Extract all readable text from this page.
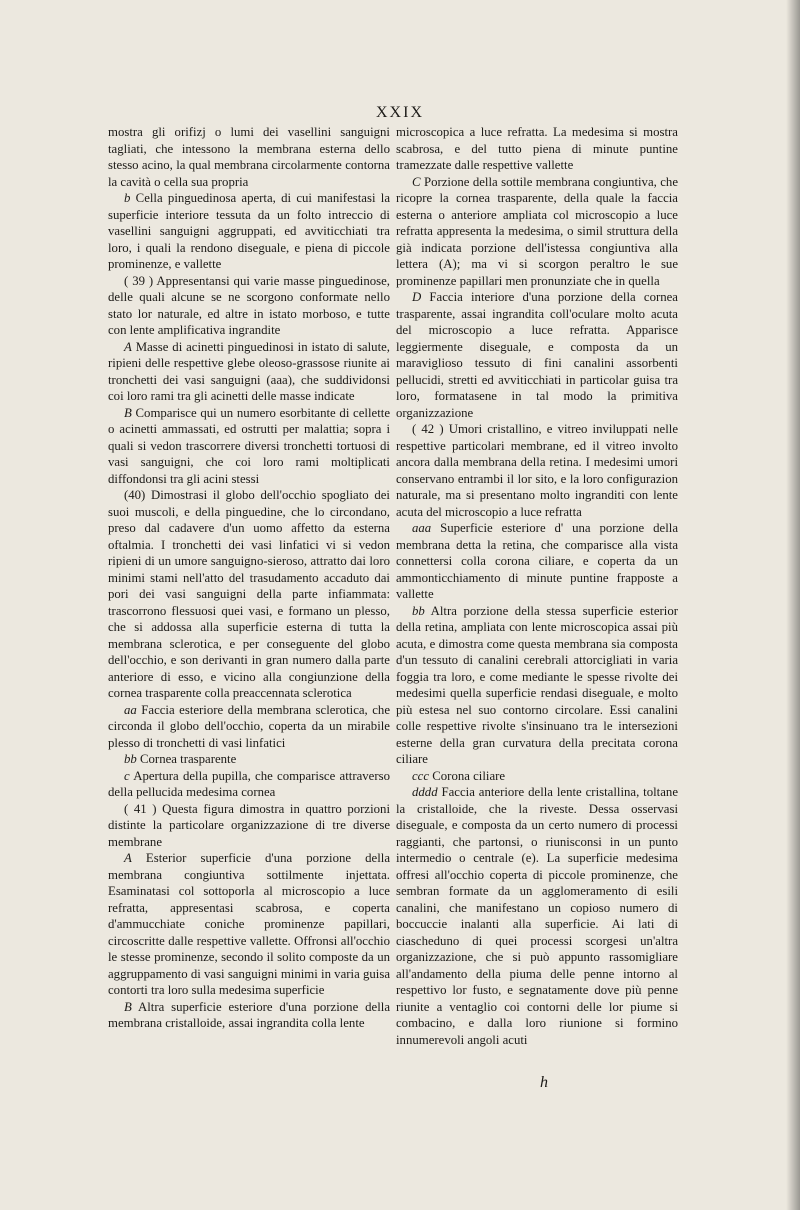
XXIX

mostra gli orifizj o lumi dei vasellini sanguigni tagliati, che intessono la membrana esterna dello stesso acino, la qual membrana circolarmente contorna la cavità o cella sua propria

b Cella pinguedinosa aperta, di cui manifestasi la superficie interiore tessuta da un folto intreccio di vasellini sanguigni aggruppati, ed avviticchiati tra loro, i quali la rendono diseguale, e piena di piccole prominenze, e vallette

( 39 ) Appresentansi qui varie masse pinguedinose, delle quali alcune se ne scorgono conformate nello stato lor naturale, ed altre in istato morboso, e tutte con lente amplificativa ingrandite

A Masse di acinetti pinguedinosi in istato di salute, ripieni delle respettive glebe oleoso-grassose riunite ai tronchetti dei vasi sanguigni (aaa), che suddividonsi coi loro rami tra gli acinetti delle masse indicate

B Comparisce qui un numero esorbitante di cellette o acinetti ammassati, ed ostrutti per malattia; sopra i quali si vedon trascorrere diversi tronchetti tortuosi di vasi sanguigni, che coi loro rami moltiplicati diffondonsi tra gli acini stessi

(40) Dimostrasi il globo dell'occhio spogliato dei suoi muscoli, e della pinguedine, che lo circondano, preso dal cadavere d'un uomo affetto da esterna oftalmia. I tronchetti dei vasi linfatici vi si vedon ripieni di un umore sanguigno-sieroso, attratto dai loro minimi stami nell'atto del trasudamento accaduto dai pori dei vasi sanguigni della parte infiammata: trascorrono flessuosi quei vasi, e formano un plesso, che si addossa alla superficie esterna di tutta la membrana sclerotica, e per conseguente del globo dell'occhio, e son derivanti in gran numero dalla parte anteriore di esso, e vicino alla congiunzione della cornea trasparente colla preaccennata sclerotica

aa Faccia esteriore della membrana sclerotica, che circonda il globo dell'occhio, coperta da un mirabile plesso di tronchetti di vasi linfatici

bb Cornea trasparente

c Apertura della pupilla, che comparisce attraverso della pellucida medesima cornea

( 41 ) Questa figura dimostra in quattro porzioni distinte la particolare organizzazione di tre diverse membrane

A Esterior superficie d'una porzione della membrana congiuntiva sottilmente injettata. Esaminatasi col sottoporla al microscopio a luce refratta, appresentasi scabrosa, e coperta d'ammucchiate coniche prominenze papillari, circoscritte dalle respettive vallette. Offronsi all'occhio le stesse prominenze, secondo il solito composte da un aggruppamento di vasi sanguigni minimi in varia guisa contorti tra loro sulla medesima superficie

B Altra superficie esteriore d'una porzione della membrana cristalloide, assai ingrandita colla lente

microscopica a luce refratta. La medesima si mostra scabrosa, e del tutto piena di minute puntine tramezzate dalle respettive vallette

C Porzione della sottile membrana congiuntiva, che ricopre la cornea trasparente, della quale la faccia esterna o anteriore ampliata col microscopio a luce refratta appresenta la medesima, o simil struttura della già indicata porzione dell'istessa congiuntiva alla lettera (A); ma vi si scorgon peraltro le sue prominenze papillari men pronunziate che in quella

D Faccia interiore d'una porzione della cornea trasparente, assai ingrandita coll'oculare molto acuta del microscopio a luce refratta. Apparisce leggiermente diseguale, e composta da un maraviglioso tessuto di fini canalini assorbenti pellucidi, stretti ed avviticchiati in particolar guisa tra loro, formatasene in tal modo la primitiva organizzazione

( 42 ) Umori cristallino, e vitreo inviluppati nelle respettive particolari membrane, ed il vitreo involto ancora dalla membrana della retina. I medesimi umori conservano entrambi il lor sito, e la loro configurazion naturale, ma si presentano molto ingranditi con lente acuta del microscopio a luce refratta

aaa Superficie esteriore d' una porzione della membrana detta la retina, che comparisce alla vista connettersi colla corona ciliare, e coperta da un ammonticchiamento di minute puntine frapposte a vallette

bb Altra porzione della stessa superficie esterior della retina, ampliata con lente microscopica assai più acuta, e dimostra come questa membrana sia composta d'un tessuto di canalini cerebrali attorcigliati in varia foggia tra loro, e come mediante le spesse rivolte dei medesimi quella superficie rendasi diseguale, e molto più estesa nel suo contorno circolare. Essi canalini colle respettive rivolte s'insinuano tra le intersezioni esterne della gran curvatura della precitata corona ciliare

ccc Corona ciliare

dddd Faccia anteriore della lente cristallina, toltane la cristalloide, che la riveste. Dessa osservasi diseguale, e composta da un certo numero di processi raggianti, che partonsi, o riunisconsi in un punto intermedio o centrale (e). La superficie medesima offresi all'occhio coperta di piccole prominenze, che sembran formate da un agglomeramento di esili canalini, che manifestano un copioso numero di boccuccie inalanti alla superficie. Ai lati di ciascheduno di quei processi scorgesi un'altra organizzazione, che si può appunto rassomigliare all'andamento della piuma delle penne intorno al respettivo lor fusto, e segnatamente dove più penne riunite a ventaglio coi contorni delle lor piume si combacino, e dalla loro riunione si formino innumerevoli angoli acuti

h
